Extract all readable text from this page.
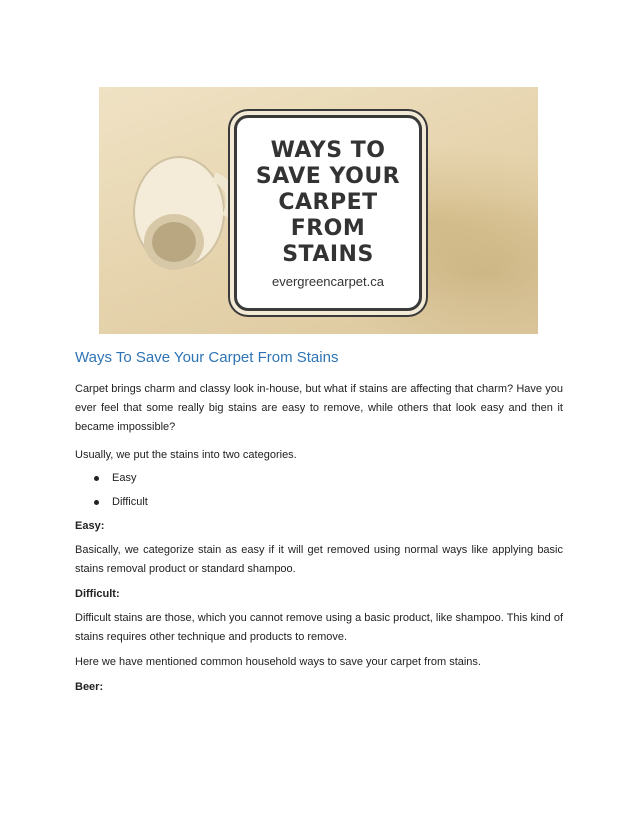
WAYS TO
SAVE YOUR
CARPET
FROM
STAINS
evergreencarpet.ca
Ways To Save Your Carpet From Stains
Carpet brings charm and classy look in-house, but what if stains are affecting that charm? Have you ever feel that some really big stains are easy to remove, while others that look easy and then it became impossible?
Usually, we put the stains into two categories.
Easy
Difficult
Easy:
Basically, we categorize stain as easy if it will get removed using normal ways like applying basic stains removal product or standard shampoo.
Difficult:
Difficult stains are those, which you cannot remove using a basic product, like shampoo. This kind of stains requires other technique and products to remove.
Here we have mentioned common household ways to save your carpet from stains.
Beer:
